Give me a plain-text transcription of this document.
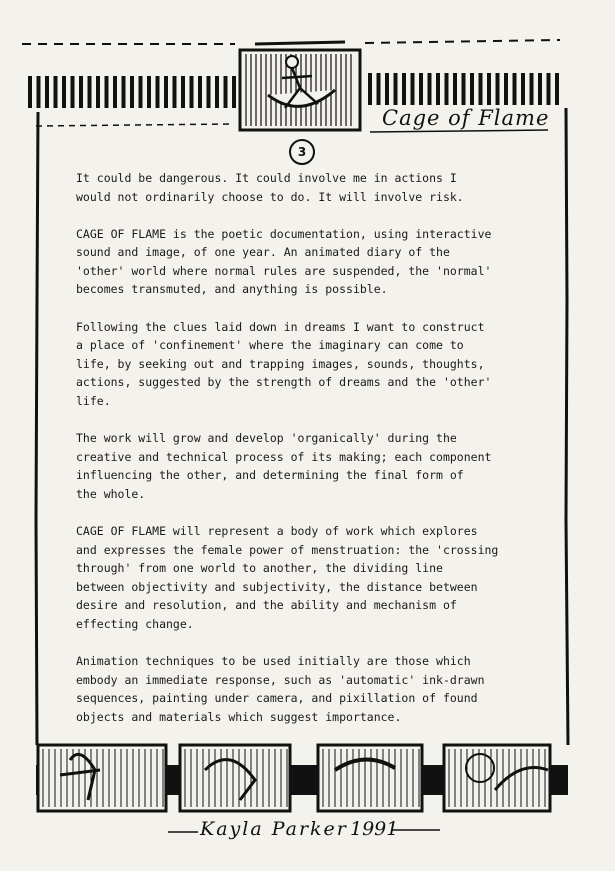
Cage of Flame
3

It could be dangerous. It could involve me in actions I
would not ordinarily choose to do. It will involve risk.

CAGE OF FLAME is the poetic documentation, using interactive
sound and image, of one year. An animated diary of the
'other' world where normal rules are suspended, the 'normal'
becomes transmuted, and anything is possible.

Following the clues laid down in dreams I want to construct
a place of 'confinement' where the imaginary can come to
life, by seeking out and trapping images, sounds, thoughts,
actions, suggested by the strength of dreams and the 'other'
life.

The work will grow and develop 'organically' during the
creative and technical process of its making; each component
influencing the other, and determining the final form of
the whole.

CAGE OF FLAME will represent a body of work which explores
and expresses the female power of menstruation: the 'crossing
through' from one world to another, the dividing line
between objectivity and subjectivity, the distance between
desire and resolution, and the ability and mechanism of
effecting change.

Animation techniques to be used initially are those which
embody an immediate response, such as 'automatic' ink-drawn
sequences, painting under camera, and pixillation of found
objects and materials which suggest importance.

Kayla Parker 1991
